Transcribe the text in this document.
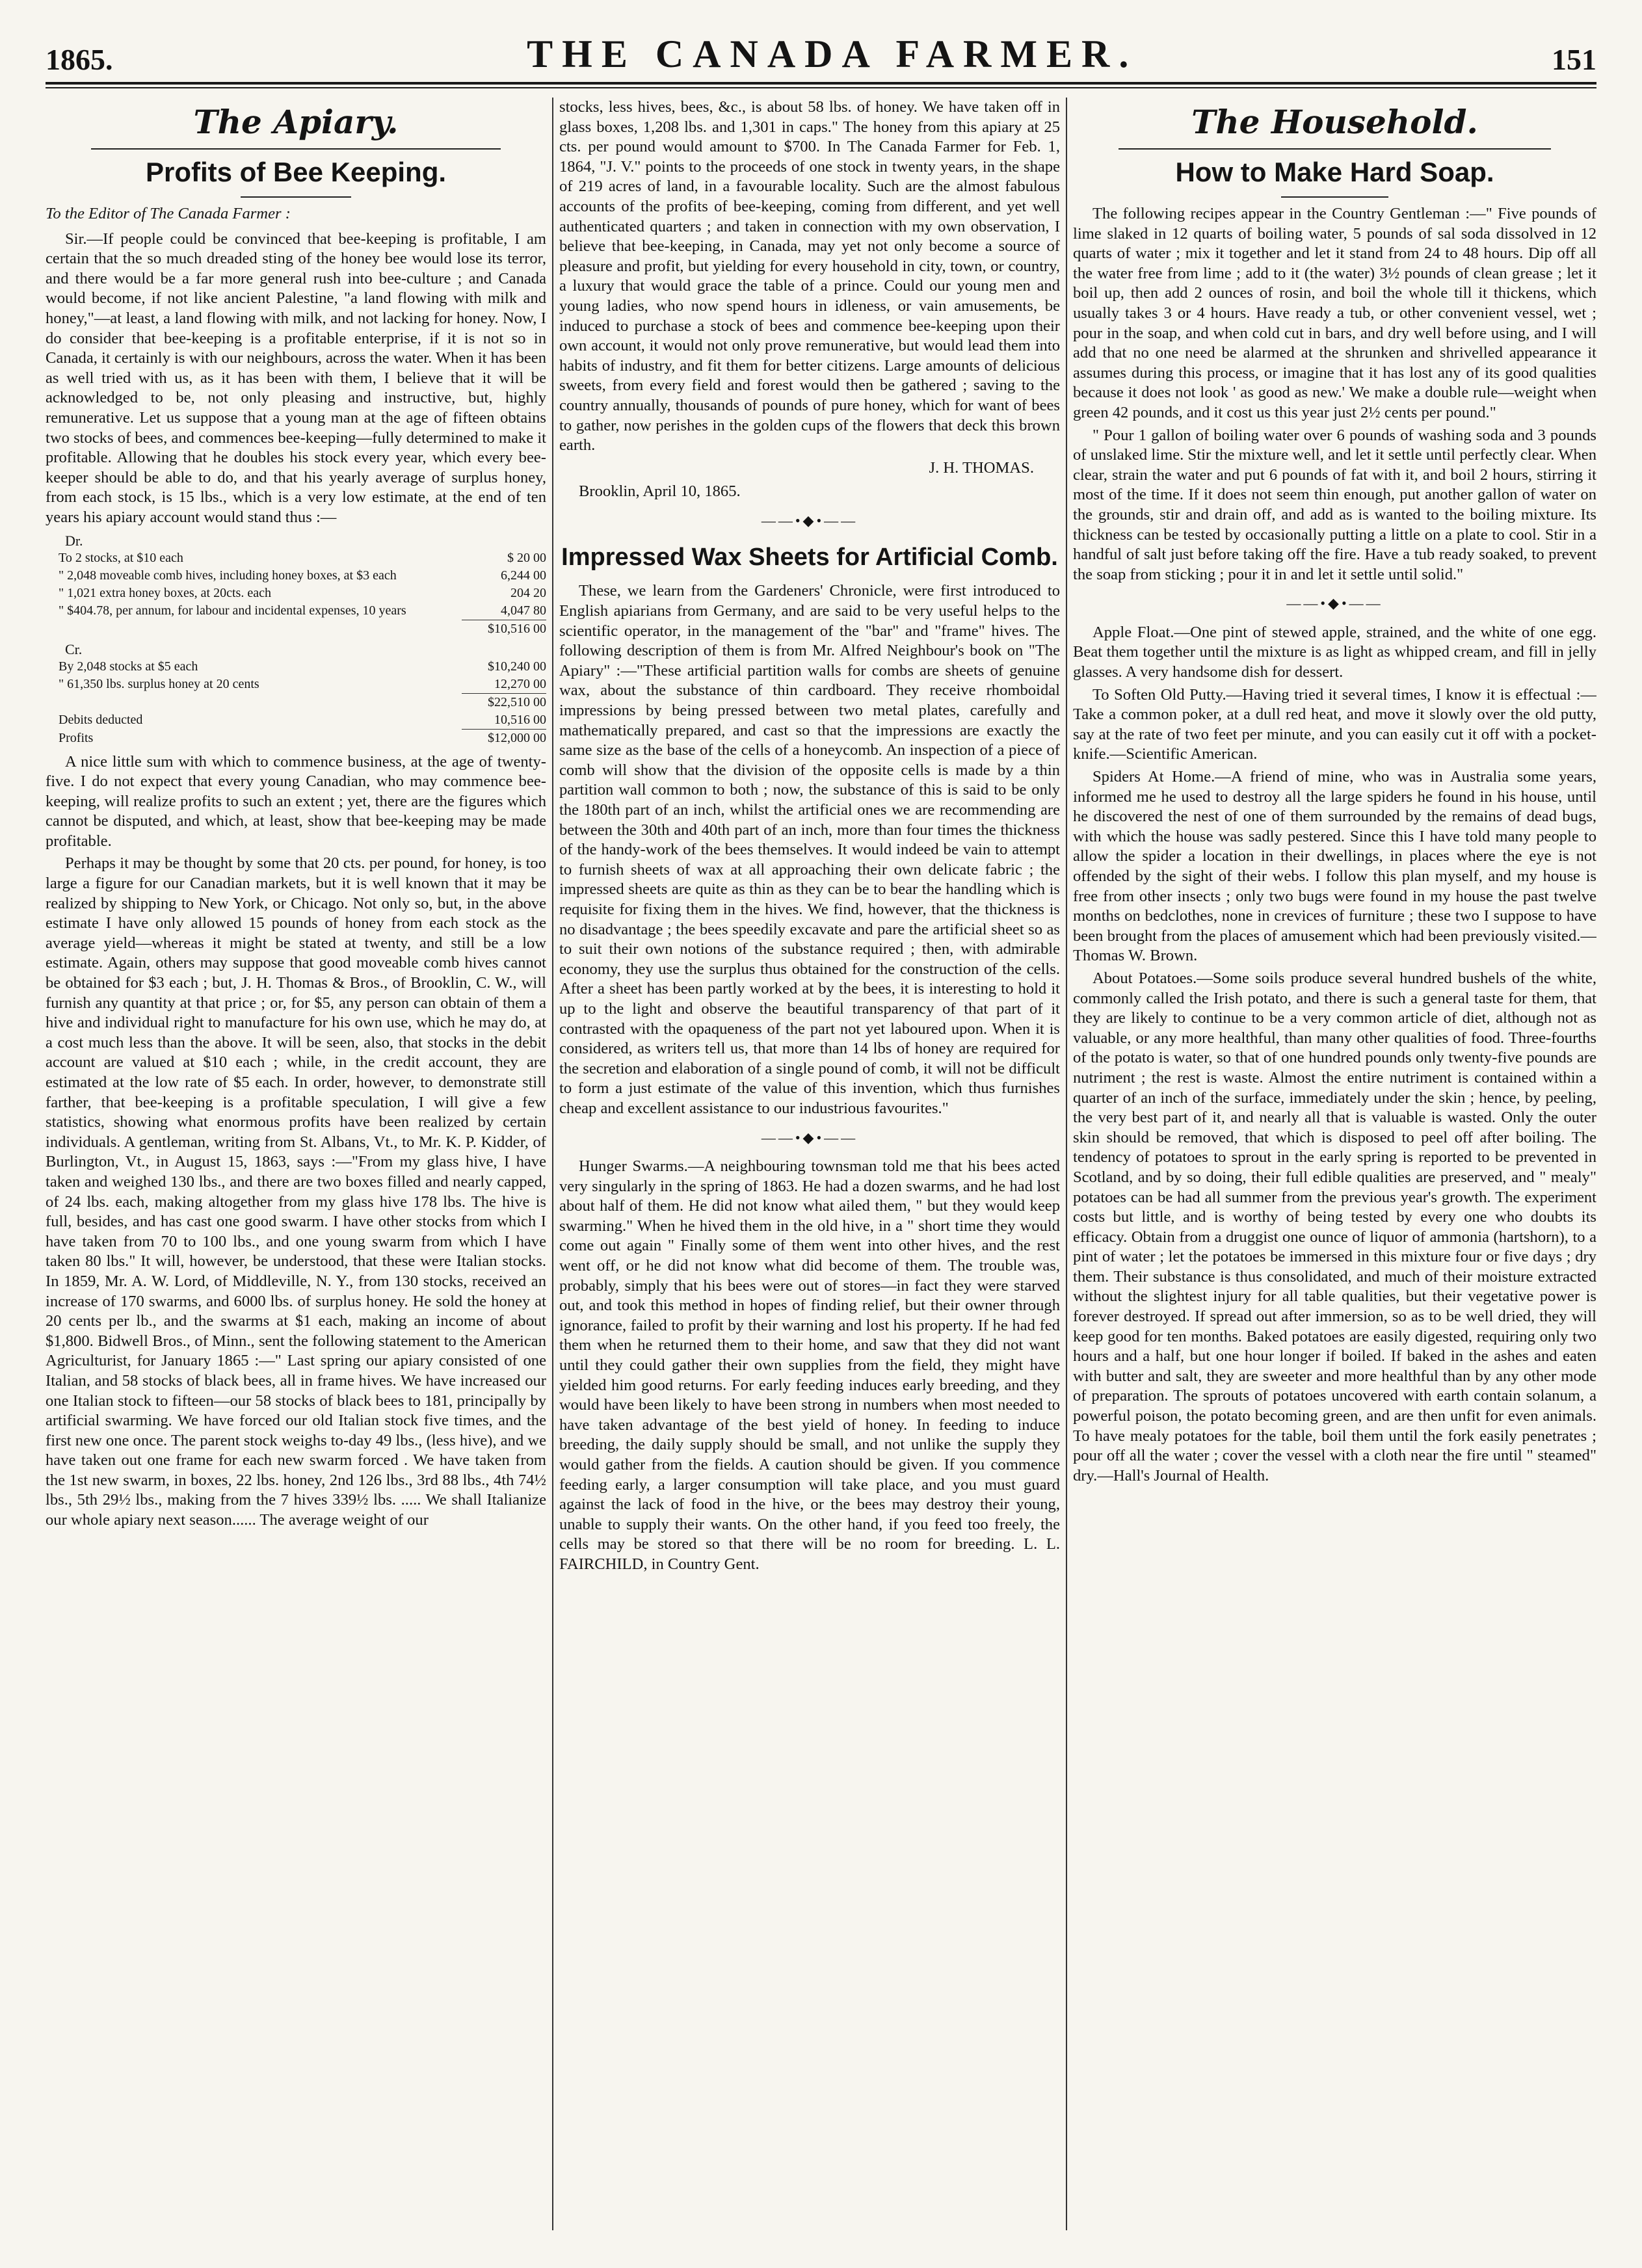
1865.	THE CANADA FARMER.	151
The Apiary.
Profits of Bee Keeping.
To the Editor of The Canada Farmer :

Sir.—If people could be convinced that bee-keeping is profitable, I am certain that the so much dreaded sting of the honey bee would lose its terror, and there would be a far more general rush into bee-culture ; and Canada would become, if not like ancient Palestine, "a land flowing with milk and honey,"—at least, a land flowing with milk, and not lacking for honey. Now, I do consider that bee-keeping is a profitable enterprise, if it is not so in Canada, it certainly is with our neighbours, across the water. When it has been as well tried with us, as it has been with them, I believe that it will be acknowledged to be, not only pleasing and instructive, but, highly remunerative. Let us suppose that a young man at the age of fifteen obtains two stocks of bees, and commences bee-keeping—fully determined to make it profitable. Allowing that he doubles his stock every year, which every bee-keeper should be able to do, and that his yearly average of surplus honey, from each stock, is 15 lbs., which is a very low estimate, at the end of ten years his apiary account would stand thus :—

Dr.
To 2 stocks, at $10 each	$ 20 00
" 2,048 moveable comb hives, including honey boxes, at $3 each	6,244 00
" 1,021 extra honey boxes, at 20cts. each	204 20
" $404.78, per annum, for labour and incidental expenses, 10 years	4,047 80
$10,516 00
Cr.
By 2,048 stocks at $5 each	$10,240 00
" 61,350 lbs. surplus honey at 20 cents	12,270 00
$22,510 00
Debits deducted	10,516 00
Profits	$12,000 00

A nice little sum with which to commence business, at the age of twenty-five. I do not expect that every young Canadian, who may commence bee-keeping, will realize profits to such an extent ; yet, there are the figures which cannot be disputed, and which, at least, show that bee-keeping may be made profitable.

Perhaps it may be thought by some that 20 cts. per pound, for honey, is too large a figure for our Canadian markets, but it is well known that it may be realized by shipping to New York, or Chicago. Not only so, but, in the above estimate I have only allowed 15 pounds of honey from each stock as the average yield—whereas it might be stated at twenty, and still be a low estimate. Again, others may suppose that good moveable comb hives cannot be obtained for $3 each ; but, J. H. Thomas & Bros., of Brooklin, C. W., will furnish any quantity at that price ; or, for $5, any person can obtain of them a hive and individual right to manufacture for his own use, which he may do, at a cost much less than the above. It will be seen, also, that stocks in the debit account are valued at $10 each ; while, in the credit account, they are estimated at the low rate of $5 each. In order, however, to demonstrate still farther, that bee-keeping is a profitable speculation, I will give a few statistics, showing what enormous profits have been realized by certain individuals. A gentleman, writing from St. Albans, Vt., to Mr. K. P. Kidder, of Burlington, Vt., in August 15, 1863, says :—"From my glass hive, I have taken and weighed 130 lbs., and there are two boxes filled and nearly capped, of 24 lbs. each, making altogether from my glass hive 178 lbs. The hive is full, besides, and has cast one good swarm. I have other stocks from which I have taken from 70 to 100 lbs., and one young swarm from which I have taken 80 lbs." It will, however, be understood, that these were Italian stocks. In 1859, Mr. A. W. Lord, of Middleville, N. Y., from 130 stocks, received an increase of 170 swarms, and 6000 lbs. of surplus honey. He sold the honey at 20 cents per lb., and the swarms at $1 each, making an income of about $1,800. Bidwell Bros., of Minn., sent the following statement to the American Agriculturist, for January 1865 :—" Last spring our apiary consisted of one Italian, and 58 stocks of black bees, all in frame hives. We have increased our one Italian stock to fifteen—our 58 stocks of black bees to 181, principally by artificial swarming. We have forced our old Italian stock five times, and the first new one once. The parent stock weighs to-day 49 lbs., (less hive), and we have taken out one frame for each new swarm forced . We have taken from the 1st new swarm, in boxes, 22 lbs. honey, 2nd 126 lbs., 3rd 88 lbs., 4th 74½ lbs., 5th 29½ lbs., making from the 7 hives 339½ lbs. ..... We shall Italianize our whole apiary next season...... The average weight of our

stocks, less hives, bees, &c., is about 58 lbs. of honey. We have taken off in glass boxes, 1,208 lbs. and 1,301 in caps." The honey from this apiary at 25 cts. per pound would amount to $700. In The Canada Farmer for Feb. 1, 1864, "J. V." points to the proceeds of one stock in twenty years, in the shape of 219 acres of land, in a favourable locality. Such are the almost fabulous accounts of the profits of bee-keeping, coming from different, and yet well authenticated quarters ; and taken in connection with my own observation, I believe that bee-keeping, in Canada, may yet not only become a source of pleasure and profit, but yielding for every household in city, town, or country, a luxury that would grace the table of a prince. Could our young men and young ladies, who now spend hours in idleness, or vain amusements, be induced to purchase a stock of bees and commence bee-keeping upon their own account, it would not only prove remunerative, but would lead them into habits of industry, and fit them for better citizens. Large amounts of delicious sweets, from every field and forest would then be gathered ; saving to the country annually, thousands of pounds of pure honey, which for want of bees to gather, now perishes in the golden cups of the flowers that deck this brown earth.

J. H. THOMAS.
Brooklin, April 10, 1865.
——•◆•——
Impressed Wax Sheets for Artificial Comb.

These, we learn from the Gardeners' Chronicle, were first introduced to English apiarians from Germany, and are said to be very useful helps to the scientific operator, in the management of the "bar" and "frame" hives. The following description of them is from Mr. Alfred Neighbour's book on "The Apiary" :—"These artificial partition walls for combs are sheets of genuine wax, about the substance of thin cardboard. They receive rhomboidal impressions by being pressed between two metal plates, carefully and mathematically prepared, and cast so that the impressions are exactly the same size as the base of the cells of a honeycomb. An inspection of a piece of comb will show that the division of the opposite cells is made by a thin partition wall common to both ; now, the substance of this is said to be only the 180th part of an inch, whilst the artificial ones we are recommending are between the 30th and 40th part of an inch, more than four times the thickness of the handy-work of the bees themselves. It would indeed be vain to attempt to furnish sheets of wax at all approaching their own delicate fabric ; the impressed sheets are quite as thin as they can be to bear the handling which is requisite for fixing them in the hives. We find, however, that the thickness is no disadvantage ; the bees speedily excavate and pare the artificial sheet so as to suit their own notions of the substance required ; then, with admirable economy, they use the surplus thus obtained for the construction of the cells. After a sheet has been partly worked at by the bees, it is interesting to hold it up to the light and observe the beautiful transparency of that part of it contrasted with the opaqueness of the part not yet laboured upon. When it is considered, as writers tell us, that more than 14 lbs of honey are required for the secretion and elaboration of a single pound of comb, it will not be difficult to form a just estimate of the value of this invention, which thus furnishes cheap and excellent assistance to our industrious favourites."

——•◆•——

Hunger Swarms.—A neighbouring townsman told me that his bees acted very singularly in the spring of 1863. He had a dozen swarms, and he had lost about half of them. He did not know what ailed them, " but they would keep swarming." When he hived them in the old hive, in a " short time they would come out again " Finally some of them went into other hives, and the rest went off, or he did not know what did become of them. The trouble was, probably, simply that his bees were out of stores—in fact they were starved out, and took this method in hopes of finding relief, but their owner through ignorance, failed to profit by their warning and lost his property. If he had fed them when he returned them to their home, and saw that they did not want until they could gather their own supplies from the field, they might have yielded him good returns. For early feeding induces early breeding, and they would have been likely to have been strong in numbers when most needed to have taken advantage of the best yield of honey. In feeding to induce breeding, the daily supply should be small, and not unlike the supply they would gather from the fields. A caution should be given. If you commence feeding early, a larger consumption will take place, and you must guard against the lack of food in the hive, or the bees may destroy their young, unable to supply their wants. On the other hand, if you feed too freely, the cells may be stored so that there will be no room for breeding. L. L. FAIRCHILD, in Country Gent.

The Household.
How to Make Hard Soap.

The following recipes appear in the Country Gentleman :—" Five pounds of lime slaked in 12 quarts of boiling water, 5 pounds of sal soda dissolved in 12 quarts of water ; mix it together and let it stand from 24 to 48 hours. Dip off all the water free from lime ; add to it (the water) 3½ pounds of clean grease ; let it boil up, then add 2 ounces of rosin, and boil the whole till it thickens, which usually takes 3 or 4 hours. Have ready a tub, or other convenient vessel, wet ; pour in the soap, and when cold cut in bars, and dry well before using, and I will add that no one need be alarmed at the shrunken and shrivelled appearance it assumes during this process, or imagine that it has lost any of its good qualities because it does not look ' as good as new.' We make a double rule—weight when green 42 pounds, and it cost us this year just 2½ cents per pound."

" Pour 1 gallon of boiling water over 6 pounds of washing soda and 3 pounds of unslaked lime. Stir the mixture well, and let it settle until perfectly clear. When clear, strain the water and put 6 pounds of fat with it, and boil 2 hours, stirring it most of the time. If it does not seem thin enough, put another gallon of water on the grounds, stir and drain off, and add as is wanted to the boiling mixture. Its thickness can be tested by occasionally putting a little on a plate to cool. Stir in a handful of salt just before taking off the fire. Have a tub ready soaked, to prevent the soap from sticking ; pour it in and let it settle until solid."

——•◆•——

Apple Float.—One pint of stewed apple, strained, and the white of one egg. Beat them together until the mixture is as light as whipped cream, and fill in jelly glasses. A very handsome dish for dessert.

To Soften Old Putty.—Having tried it several times, I know it is effectual :—Take a common poker, at a dull red heat, and move it slowly over the old putty, say at the rate of two feet per minute, and you can easily cut it off with a pocket-knife.—Scientific American.

Spiders At Home.—A friend of mine, who was in Australia some years, informed me he used to destroy all the large spiders he found in his house, until he discovered the nest of one of them surrounded by the remains of dead bugs, with which the house was sadly pestered. Since this I have told many people to allow the spider a location in their dwellings, in places where the eye is not offended by the sight of their webs. I follow this plan myself, and my house is free from other insects ; only two bugs were found in my house the past twelve months on bedclothes, none in crevices of furniture ; these two I suppose to have been brought from the places of amusement which had been previously visited.—Thomas W. Brown.

About Potatoes.—Some soils produce several hundred bushels of the white, commonly called the Irish potato, and there is such a general taste for them, that they are likely to continue to be a very common article of diet, although not as valuable, or any more healthful, than many other qualities of food. Three-fourths of the potato is water, so that of one hundred pounds only twenty-five pounds are nutriment ; the rest is waste. Almost the entire nutriment is contained within a quarter of an inch of the surface, immediately under the skin ; hence, by peeling, the very best part of it, and nearly all that is valuable is wasted. Only the outer skin should be removed, that which is disposed to peel off after boiling. The tendency of potatoes to sprout in the early spring is reported to be prevented in Scotland, and by so doing, their full edible qualities are preserved, and " mealy" potatoes can be had all summer from the previous year's growth. The experiment costs but little, and is worthy of being tested by every one who doubts its efficacy. Obtain from a druggist one ounce of liquor of ammonia (hartshorn), to a pint of water ; let the potatoes be immersed in this mixture four or five days ; dry them. Their substance is thus consolidated, and much of their moisture extracted without the slightest injury for all table qualities, but their vegetative power is forever destroyed. If spread out after immersion, so as to be well dried, they will keep good for ten months. Baked potatoes are easily digested, requiring only two hours and a half, but one hour longer if boiled. If baked in the ashes and eaten with butter and salt, they are sweeter and more healthful than by any other mode of preparation. The sprouts of potatoes uncovered with earth contain solanum, a powerful poison, the potato becoming green, and are then unfit for even animals. To have mealy potatoes for the table, boil them until the fork easily penetrates ; pour off all the water ; cover the vessel with a cloth near the fire until " steamed" dry.—Hall's Journal of Health.
